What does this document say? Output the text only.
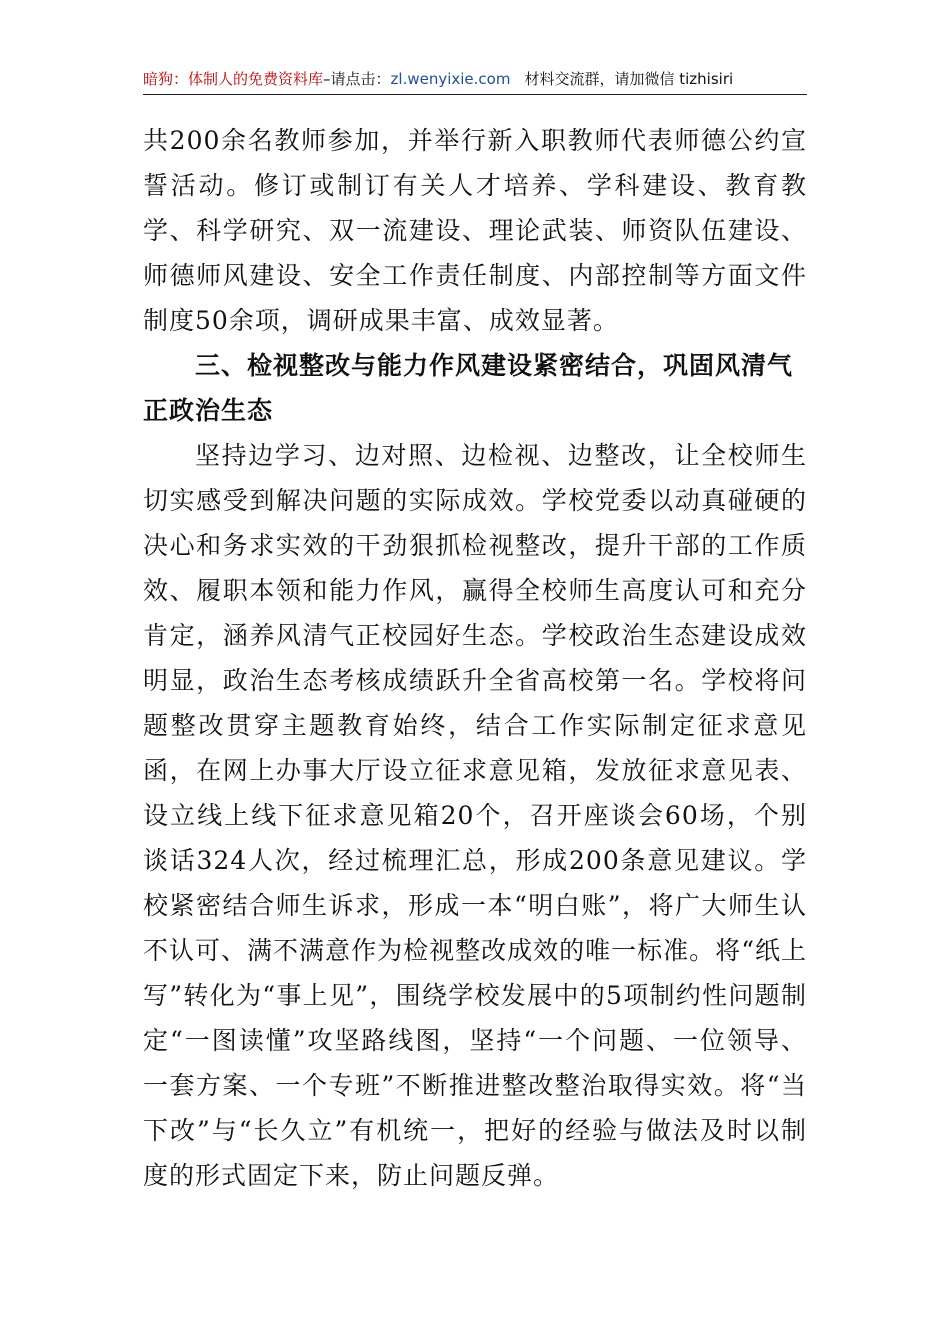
暗狗：体制人的免费资料库–请点击：zl.wenyixie.com 材料交流群，请加微信 tizhisiri

共200余名教师参加，并举行新入职教师代表师德公约宣誓活动。修订或制订有关人才培养、学科建设、教育教学、科学研究、双一流建设、理论武装、师资队伍建设、师德师风建设、安全工作责任制度、内部控制等方面文件制度50余项，调研成果丰富、成效显著。

三、检视整改与能力作风建设紧密结合，巩固风清气正政治生态

坚持边学习、边对照、边检视、边整改，让全校师生切实感受到解决问题的实际成效。学校党委以动真碰硬的决心和务求实效的干劲狠抓检视整改，提升干部的工作质效、履职本领和能力作风，赢得全校师生高度认可和充分肯定，涵养风清气正校园好生态。学校政治生态建设成效明显，政治生态考核成绩跃升全省高校第一名。学校将问题整改贯穿主题教育始终，结合工作实际制定征求意见函，在网上办事大厅设立征求意见箱，发放征求意见表、设立线上线下征求意见箱20个，召开座谈会60场，个别谈话324人次，经过梳理汇总，形成200条意见建议。学校紧密结合师生诉求，形成一本“明白账”，将广大师生认不认可、满不满意作为检视整改成效的唯一标准。将“纸上写”转化为“事上见”，围绕学校发展中的5项制约性问题制定“一图读懂”攻坚路线图，坚持“一个问题、一位领导、一套方案、一个专班”不断推进整改整治取得实效。将“当下改”与“长久立”有机统一，把好的经验与做法及时以制度的形式固定下来，防止问题反弹。
